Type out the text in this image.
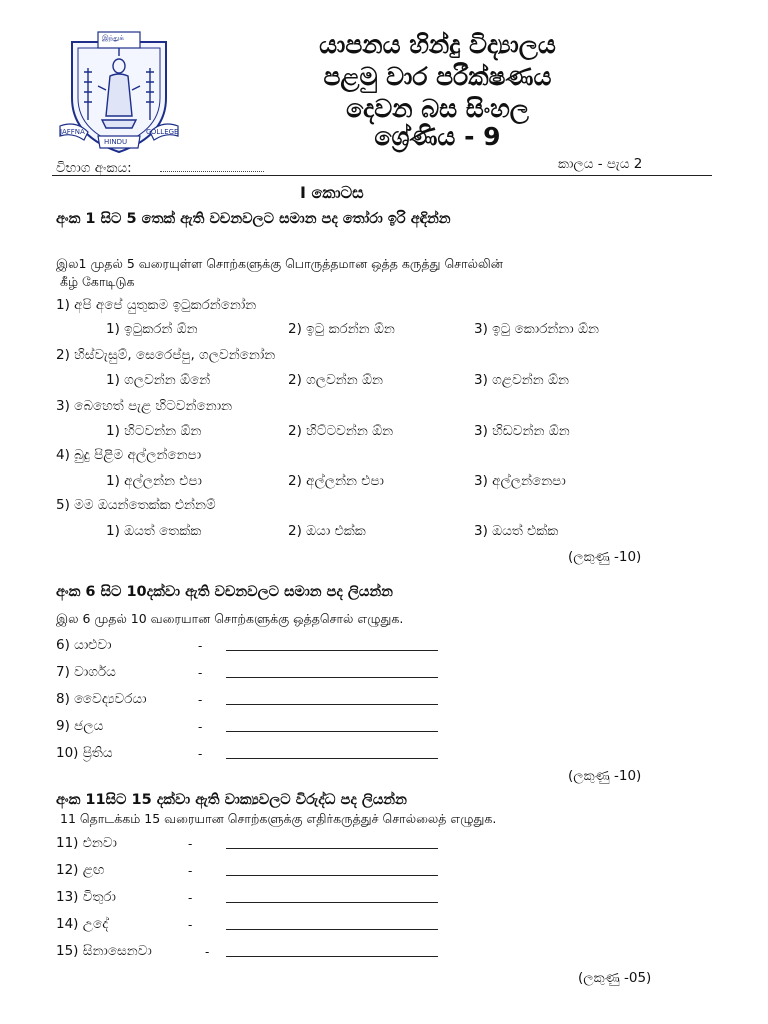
இந்துக்
JAFFNA
HINDU
COLLEGE
යාපනය හින්දු විද්‍යාලය
පළමු වාර පරීක්ෂණය
දෙවන බස සිංහල
ශ්‍රේණිය - 9
විභාග අංකය:	කාලය - පැය 2
I කොටස
අංක 1 සිට 5 තෙක් ඇති වචනවලට සමාන පද තෝරා ඉරි අඳින්න
இல1 முதல் 5 வரையுள்ள சொற்களுக்கு பொருத்தமான ஒத்த கருத்து சொல்லின்
கீழ் கோடிடுக
1) අපි අපේ යුතුකම ඉටුකරන්නෝන
1) ඉටුකරන් ඕන	2) ඉටු කරන්න ඕන	3) ඉටු කොරන්නා ඕන
2) හිස්වැසුම්, සෙරෙප්පු, ගලවන්නෝන
1) ගලවන්න ඕනේ	2) ගලවන්න ඕන	3) ගළවන්න ඕන
3) බෙහෙත් පැළ හිටවන්නොන
1) හිටවන්න ඕන	2) හිට්ටවන්න ඕන	3) හිඩවන්න ඕන
4) බුදු පිළිම අල්ලන්නෙපා
1) අල්ලන්න එපා	2) අල්ලන්න එපා	3) අල්ලන්නෙපා
5) මම ඔයන්තෙක්ක එන්නම්
1) ඔයත් තෙක්ක	2) ඔයා එක්ක	3) ඔයත් එක්ක
(ලකුණු -10)
අංක 6 සිට 10දක්වා ඇති වචනවලට සමාන පද ලියන්න
இல 6 முதல் 10 வரையான சொற்களுக்கு ஒத்தசொல் எழுதுக.
6) යාළුවා	-
7) වාර්ගය	-
8) වෛද්‍යවරයා	-
9) ජලය	-
10) ප්‍රිතිය	-
(ලකුණු -10)
අංක 11සිට 15 දක්වා ඇති වාක්‍යවලට විරුද්ධ පද ලියන්න
11 தொடக்கம் 15 வரையான சொற்களுக்கு எதிர்கருத்துச் சொல்லைத் எழுதுக.
11) එනවා	-
12) ළඟ	-
13) විතුරා	-
14) උදේ	-
15) සිනාසෙනවා	-
(ලකුණු -05)
